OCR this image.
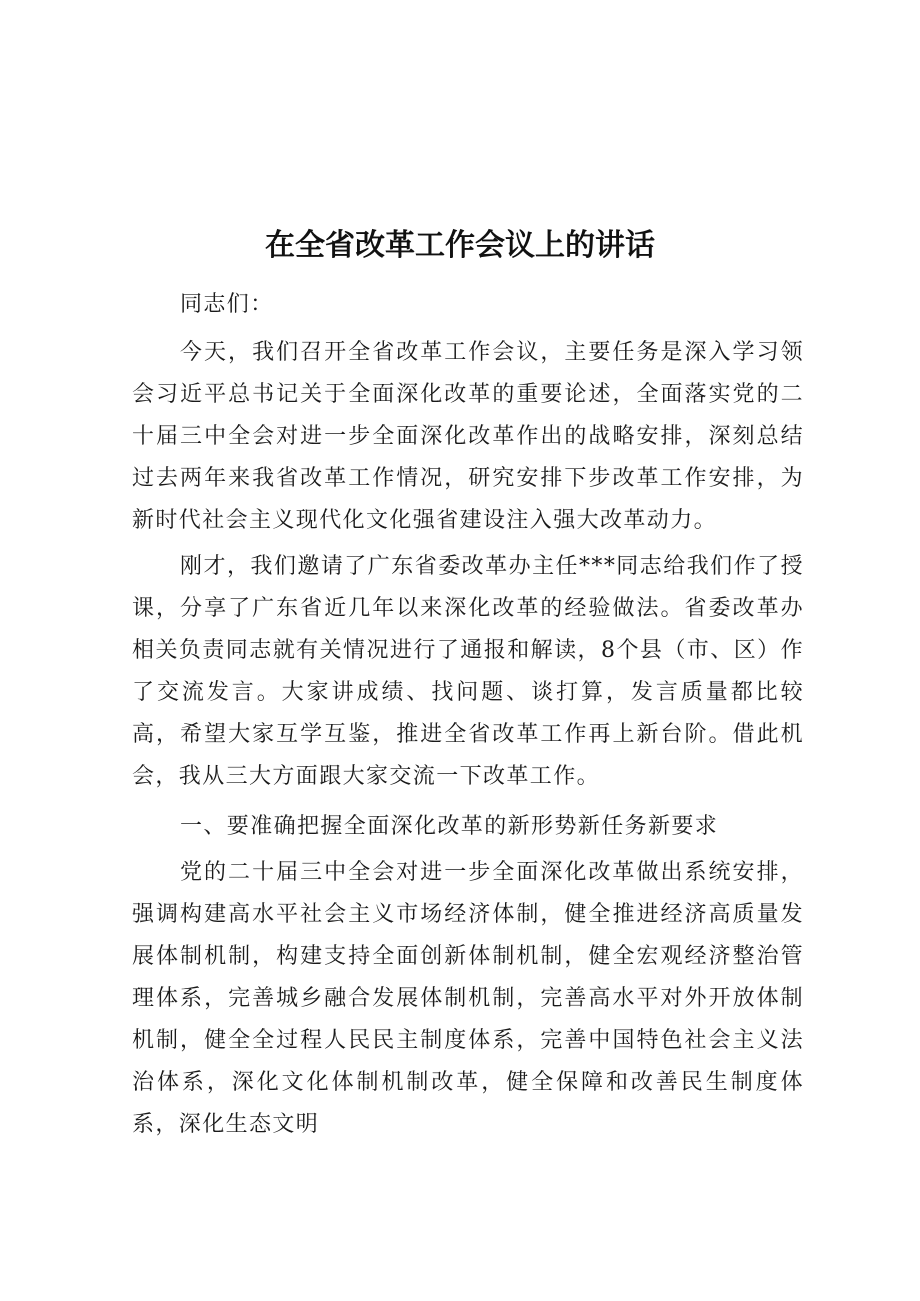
在全省改革工作会议上的讲话
同志们：

今天，我们召开全省改革工作会议，主要任务是深入学习领会习近平总书记关于全面深化改革的重要论述，全面落实党的二十届三中全会对进一步全面深化改革作出的战略安排，深刻总结过去两年来我省改革工作情况，研究安排下步改革工作安排，为新时代社会主义现代化文化强省建设注入强大改革动力。

刚才，我们邀请了广东省委改革办主任***同志给我们作了授课，分享了广东省近几年以来深化改革的经验做法。省委改革办相关负责同志就有关情况进行了通报和解读，8个县（市、区）作了交流发言。大家讲成绩、找问题、谈打算，发言质量都比较高，希望大家互学互鉴，推进全省改革工作再上新台阶。借此机会，我从三大方面跟大家交流一下改革工作。

一、要准确把握全面深化改革的新形势新任务新要求

党的二十届三中全会对进一步全面深化改革做出系统安排，强调构建高水平社会主义市场经济体制，健全推进经济高质量发展体制机制，构建支持全面创新体制机制，健全宏观经济整治管理体系，完善城乡融合发展体制机制，完善高水平对外开放体制机制，健全全过程人民民主制度体系，完善中国特色社会主义法治体系，深化文化体制机制改革，健全保障和改善民生制度体系，深化生态文明
